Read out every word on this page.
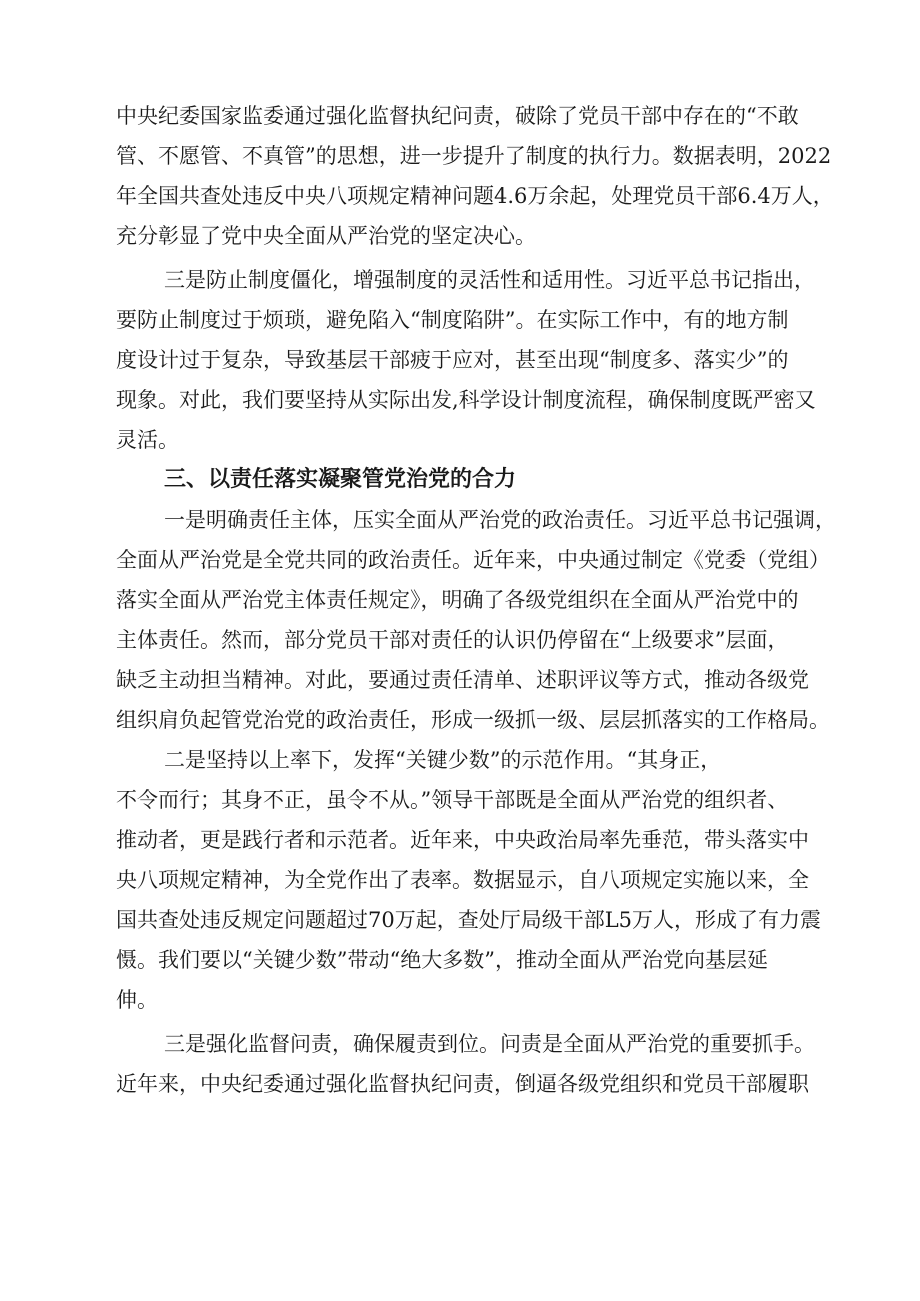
中央纪委国家监委通过强化监督执纪问责，破除了党员干部中存在的“不敢
管、不愿管、不真管”的思想，进一步提升了制度的执行力。数据表明，2022
年全国共查处违反中央八项规定精神问题4.6万余起，处理党员干部6.4万人，
充分彰显了党中央全面从严治党的坚定决心。
三是防止制度僵化，增强制度的灵活性和适用性。习近平总书记指出，
要防止制度过于烦琐，避免陷入“制度陷阱”。在实际工作中，有的地方制
度设计过于复杂，导致基层干部疲于应对，甚至出现“制度多、落实少”的
现象。对此，我们要坚持从实际出发,科学设计制度流程，确保制度既严密又
灵活。
三、以责任落实凝聚管党治党的合力
一是明确责任主体，压实全面从严治党的政治责任。习近平总书记强调，
全面从严治党是全党共同的政治责任。近年来，中央通过制定《党委（党组）
落实全面从严治党主体责任规定》，明确了各级党组织在全面从严治党中的
主体责任。然而，部分党员干部对责任的认识仍停留在“上级要求”层面，
缺乏主动担当精神。对此，要通过责任清单、述职评议等方式，推动各级党
组织肩负起管党治党的政治责任，形成一级抓一级、层层抓落实的工作格局。
二是坚持以上率下，发挥“关键少数”的示范作用。“其身正，
不令而行；其身不正，虽令不从。”领导干部既是全面从严治党的组织者、
推动者，更是践行者和示范者。近年来，中央政治局率先垂范，带头落实中
央八项规定精神，为全党作出了表率。数据显示，自八项规定实施以来，全
国共查处违反规定问题超过70万起，查处厅局级干部L5万人，形成了有力震
慑。我们要以“关键少数”带动“绝大多数”，推动全面从严治党向基层延
伸。
三是强化监督问责，确保履责到位。问责是全面从严治党的重要抓手。
近年来，中央纪委通过强化监督执纪问责，倒逼各级党组织和党员干部履职
